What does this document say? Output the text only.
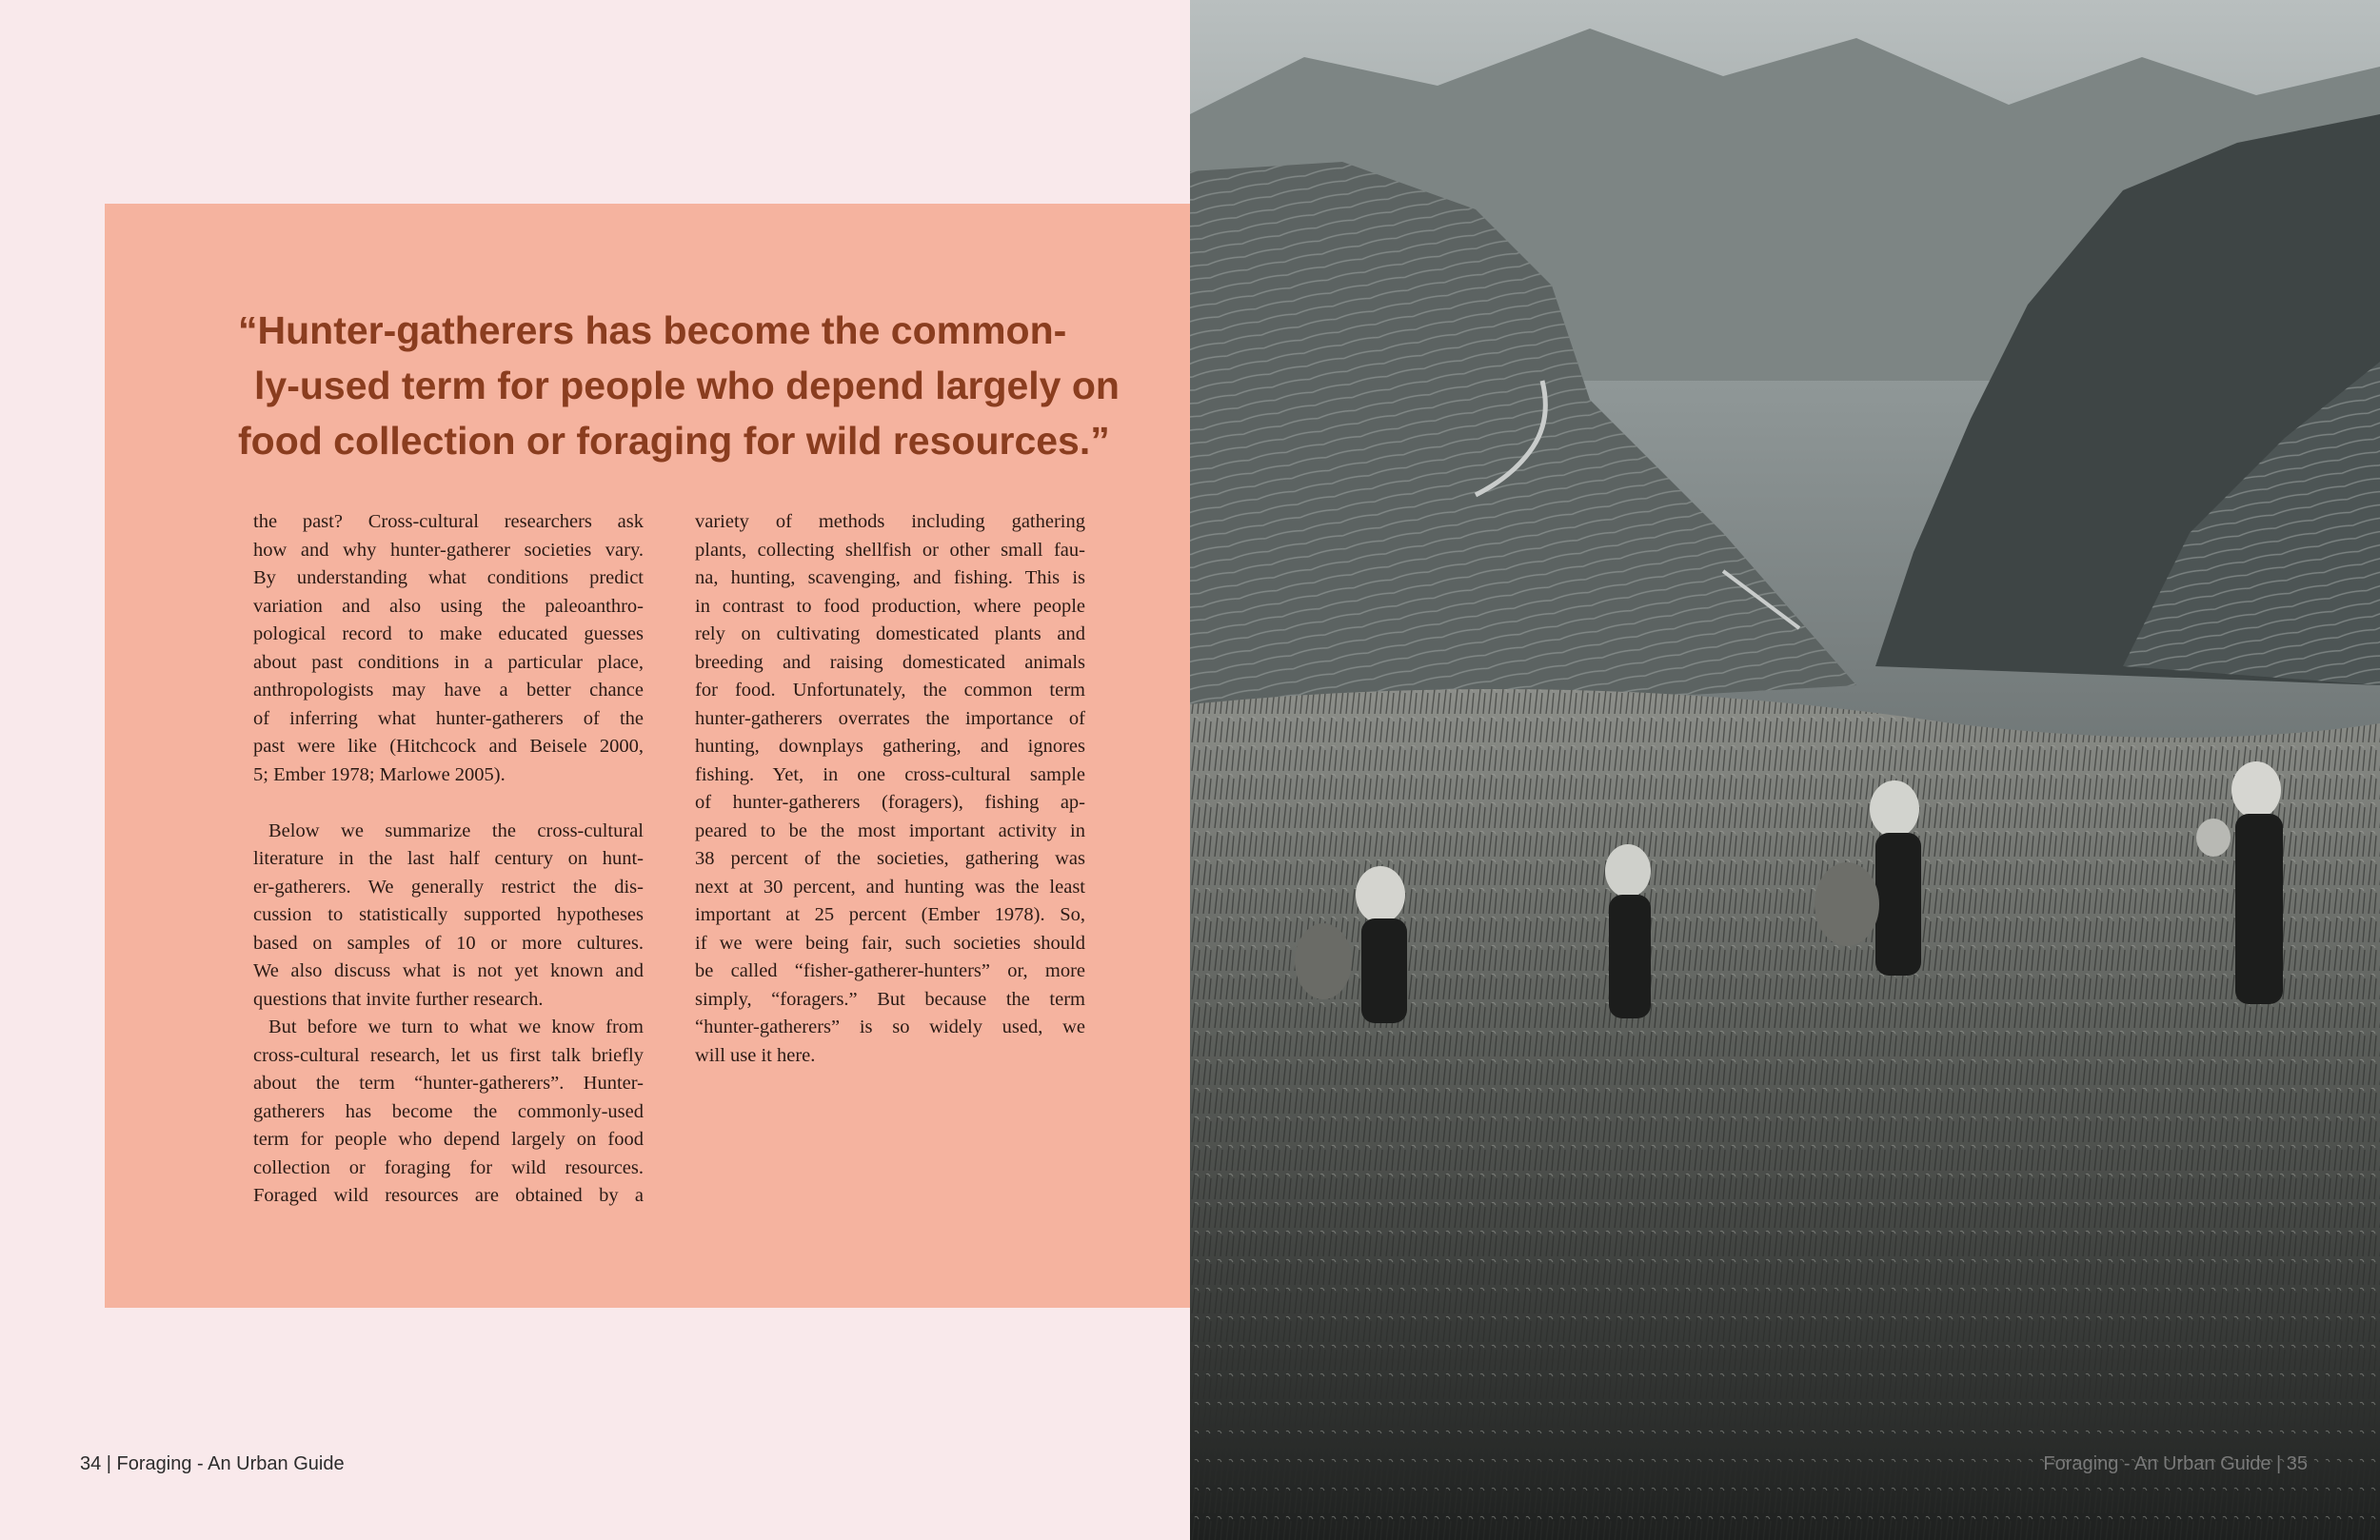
“Hunter-gatherers has become the common-
ly-used term for people who depend largely on
food collection or foraging for wild resources.”
the past? Cross-cultural researchers ask
how and why hunter-gatherer societies vary.
By understanding what conditions predict
variation and also using the paleoanthro-
pological record to make educated guesses
about past conditions in a particular place,
anthropologists may have a better chance
of inferring what hunter-gatherers of the
past were like (Hitchcock and Beisele 2000,
5; Ember 1978; Marlowe 2005).
Below we summarize the cross-cultural
literature in the last half century on hunt-
er-gatherers. We generally restrict the dis-
cussion to statistically supported hypotheses
based on samples of 10 or more cultures.
We also discuss what is not yet known and
questions that invite further research.
But before we turn to what we know from
cross-cultural research, let us first talk briefly
about the term “hunter-gatherers”. Hunter-
gatherers has become the commonly-used
term for people who depend largely on food
collection or foraging for wild resources.
Foraged wild resources are obtained by a
variety of methods including gathering
plants, collecting shellfish or other small fau-
na, hunting, scavenging, and fishing. This is
in contrast to food production, where people
rely on cultivating domesticated plants and
breeding and raising domesticated animals
for food. Unfortunately, the common term
hunter-gatherers overrates the importance of
hunting, downplays gathering, and ignores
fishing. Yet, in one cross-cultural sample
of hunter-gatherers (foragers), fishing ap-
peared to be the most important activity in
38 percent of the societies, gathering was
next at 30 percent, and hunting was the least
important at 25 percent (Ember 1978). So,
if we were being fair, such societies should
be called “fisher-gatherer-hunters” or, more
simply, “foragers.” But because the term
“hunter-gatherers” is so widely used, we
will use it here.
34 | Foraging - An Urban Guide	Foraging - An Urban Guide | 35
